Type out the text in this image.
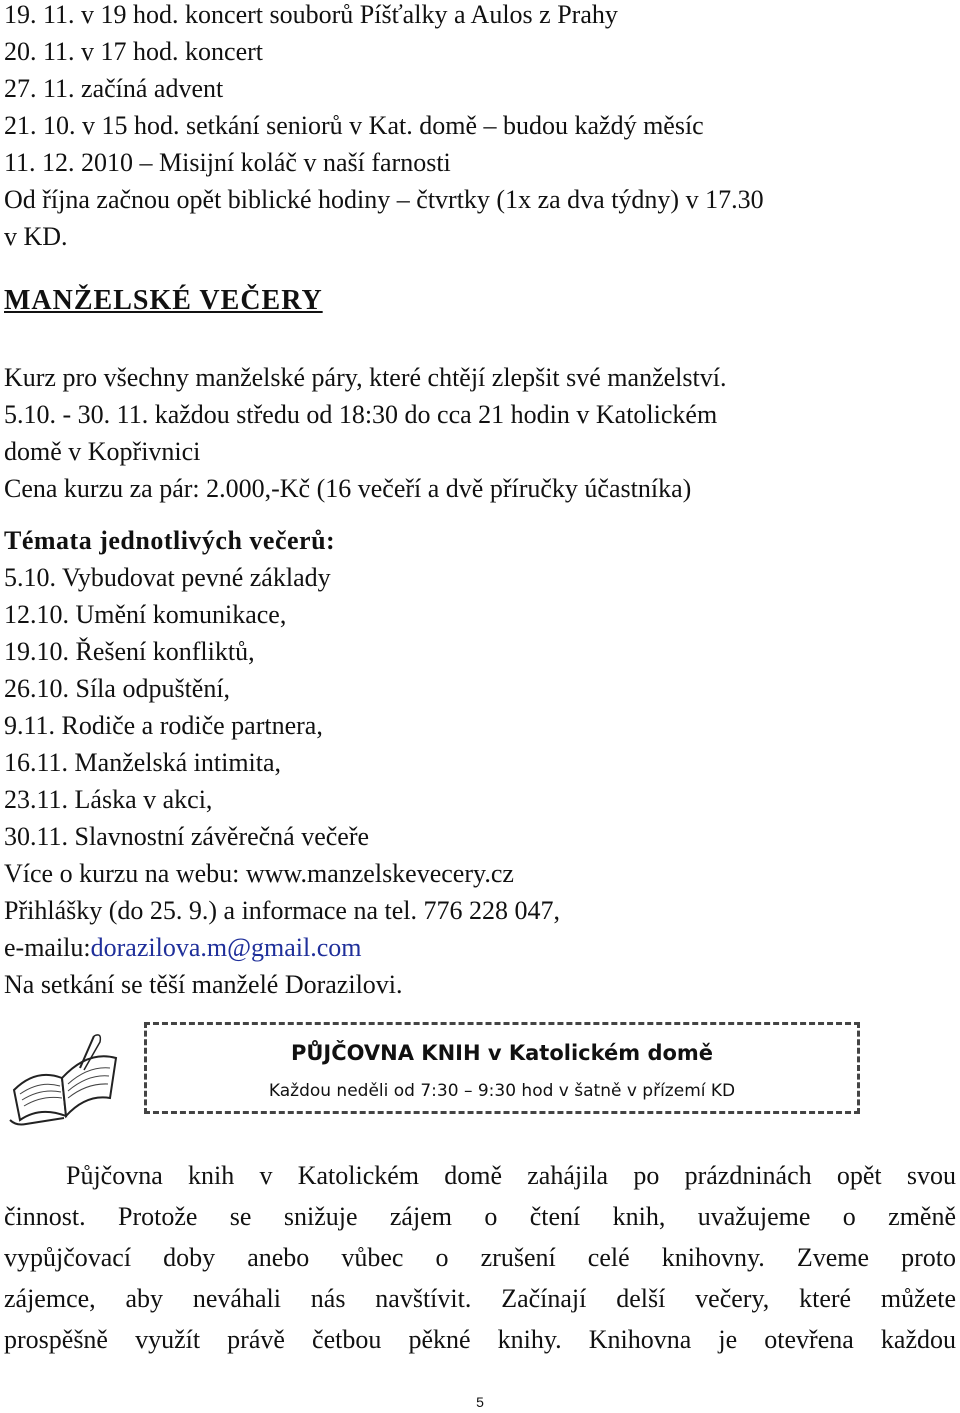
19. 11. v 19 hod. koncert souborů Píšťalky a Aulos z Prahy
20. 11. v 17 hod. koncert
27. 11. začíná advent
21. 10. v 15 hod. setkání seniorů v Kat. domě – budou každý měsíc
11. 12. 2010 – Misijní koláč v naší farnosti
Od října začnou opět biblické hodiny – čtvrtky (1x za dva týdny) v 17.30
v KD.
MANŽELSKÉ VEČERY
Kurz pro všechny manželské páry, které chtějí zlepšit své manželství.
5.10. - 30. 11. každou středu od 18:30 do cca 21 hodin v Katolickém
domě v Kopřivnici
Cena kurzu za pár: 2.000,-Kč (16 večeří a dvě příručky účastníka)
Témata jednotlivých večerů:
5.10. Vybudovat pevné základy
12.10. Umění komunikace,
19.10. Řešení konfliktů,
26.10. Síla odpuštění,
9.11. Rodiče a rodiče partnera,
16.11. Manželská intimita,
23.11. Láska v akci,
30.11. Slavnostní závěrečná večeře
Více o kurzu na webu: www.manzelskevecery.cz
Přihlášky (do 25. 9.) a informace na tel. 776 228 047,
e-mailu:dorazilova.m@gmail.com
Na setkání se těší manželé Dorazilovi.
PŮJČOVNA KNIH v Katolickém domě
Každou neděli od 7:30 – 9:30 hod v šatně v přízemí KD
Půjčovna knih v Katolickém domě zahájila po prázdninách opět svou
činnost. Protože se snižuje zájem o čtení knih, uvažujeme o změně
vypůjčovací doby anebo vůbec o zrušení celé knihovny. Zveme proto
zájemce, aby neváhali nás navštívit. Začínají delší večery, které můžete
prospěšně využít právě četbou pěkné knihy. Knihovna je otevřena každou
5
